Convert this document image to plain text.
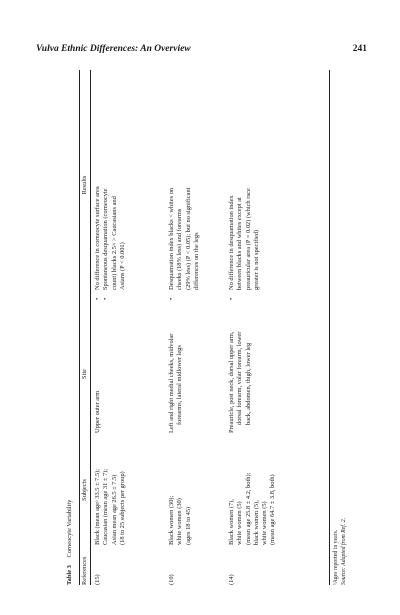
Vulva Ethnic Differences: An Overview	241
Table 3 Corneocyte Variability
References
Subjects
Site
Results
(15)
Black (mean ageᵃ 33.5 ± 7.5); Caucasian (mean age 31 ± 7); Asian mean age 26.5 ± 7.5) (18 to 25 subjects per group)
Upper outer arm
•
No difference in corneocyte surface area
•
Spontaneous desquamation (corneocyte count) blacks 2.5× > Caucasians and Asians (P < 0.001)
(10)
Black women (30); white women (30) (ages 18 to 45)
Left and right medial cheeks, midvolar forearms, lateral midlower legs
•
Desquamation index blacks < whites on cheeks (18% less) and forearms (29% less) (P < 0.05); but no significant differences on the legs
(14)
Black women (7), white women (5) (mean age 25.8 ± 4.2, both); black women (5), white women (5) (mean age 64.7 ± 3.8, both)
Preauricle, post neck, dorsal upper arm, dorsal forearm, volar forearm, lower back, abdomen, thigh, lower leg
•
No difference in desquamation index between blacks and whites except at preauricular area (P = 0.02) (which race greater is not specified)
ᵃAges reported in years. Source: Adapted from Ref. 2.
